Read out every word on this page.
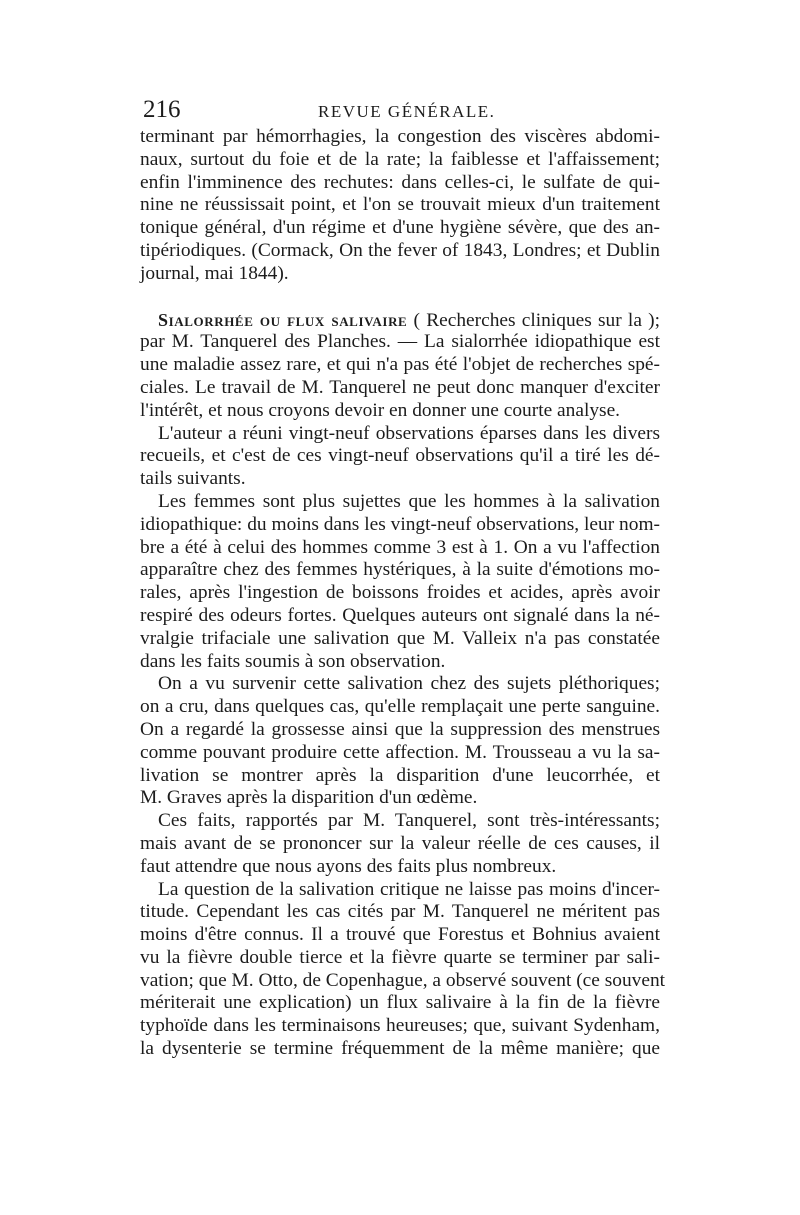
216	REVUE GÉNÉRALE.
terminant par hémorrhagies, la congestion des viscères abdomi-
naux, surtout du foie et de la rate; la faiblesse et l'affaissement;
enfin l'imminence des rechutes: dans celles-ci, le sulfate de qui-
nine ne réussissait point, et l'on se trouvait mieux d'un traitement
tonique général, d'un régime et d'une hygiène sévère, que des an-
tipériodiques. (Cormack, On the fever of 1843, Londres; et Dublin
journal, mai 1844).
Sialorrhée ou flux salivaire ( Recherches cliniques sur la );
par M. Tanquerel des Planches. — La sialorrhée idiopathique est
une maladie assez rare, et qui n'a pas été l'objet de recherches spé-
ciales. Le travail de M. Tanquerel ne peut donc manquer d'exciter
l'intérêt, et nous croyons devoir en donner une courte analyse.
L'auteur a réuni vingt-neuf observations éparses dans les divers
recueils, et c'est de ces vingt-neuf observations qu'il a tiré les dé-
tails suivants.
Les femmes sont plus sujettes que les hommes à la salivation
idiopathique: du moins dans les vingt-neuf observations, leur nom-
bre a été à celui des hommes comme 3 est à 1. On a vu l'affection
apparaître chez des femmes hystériques, à la suite d'émotions mo-
rales, après l'ingestion de boissons froides et acides, après avoir
respiré des odeurs fortes. Quelques auteurs ont signalé dans la né-
vralgie trifaciale une salivation que M. Valleix n'a pas constatée
dans les faits soumis à son observation.
On a vu survenir cette salivation chez des sujets pléthoriques;
on a cru, dans quelques cas, qu'elle remplaçait une perte sanguine.
On a regardé la grossesse ainsi que la suppression des menstrues
comme pouvant produire cette affection. M. Trousseau a vu la sa-
livation se montrer après la disparition d'une leucorrhée, et
M. Graves après la disparition d'un œdème.
Ces faits, rapportés par M. Tanquerel, sont très-intéressants;
mais avant de se prononcer sur la valeur réelle de ces causes, il
faut attendre que nous ayons des faits plus nombreux.
La question de la salivation critique ne laisse pas moins d'incer-
titude. Cependant les cas cités par M. Tanquerel ne méritent pas
moins d'être connus. Il a trouvé que Forestus et Bohnius avaient
vu la fièvre double tierce et la fièvre quarte se terminer par sali-
vation; que M. Otto, de Copenhague, a observé souvent (ce souvent
mériterait une explication) un flux salivaire à la fin de la fièvre
typhoïde dans les terminaisons heureuses; que, suivant Sydenham,
la dysenterie se termine fréquemment de la même manière; que
